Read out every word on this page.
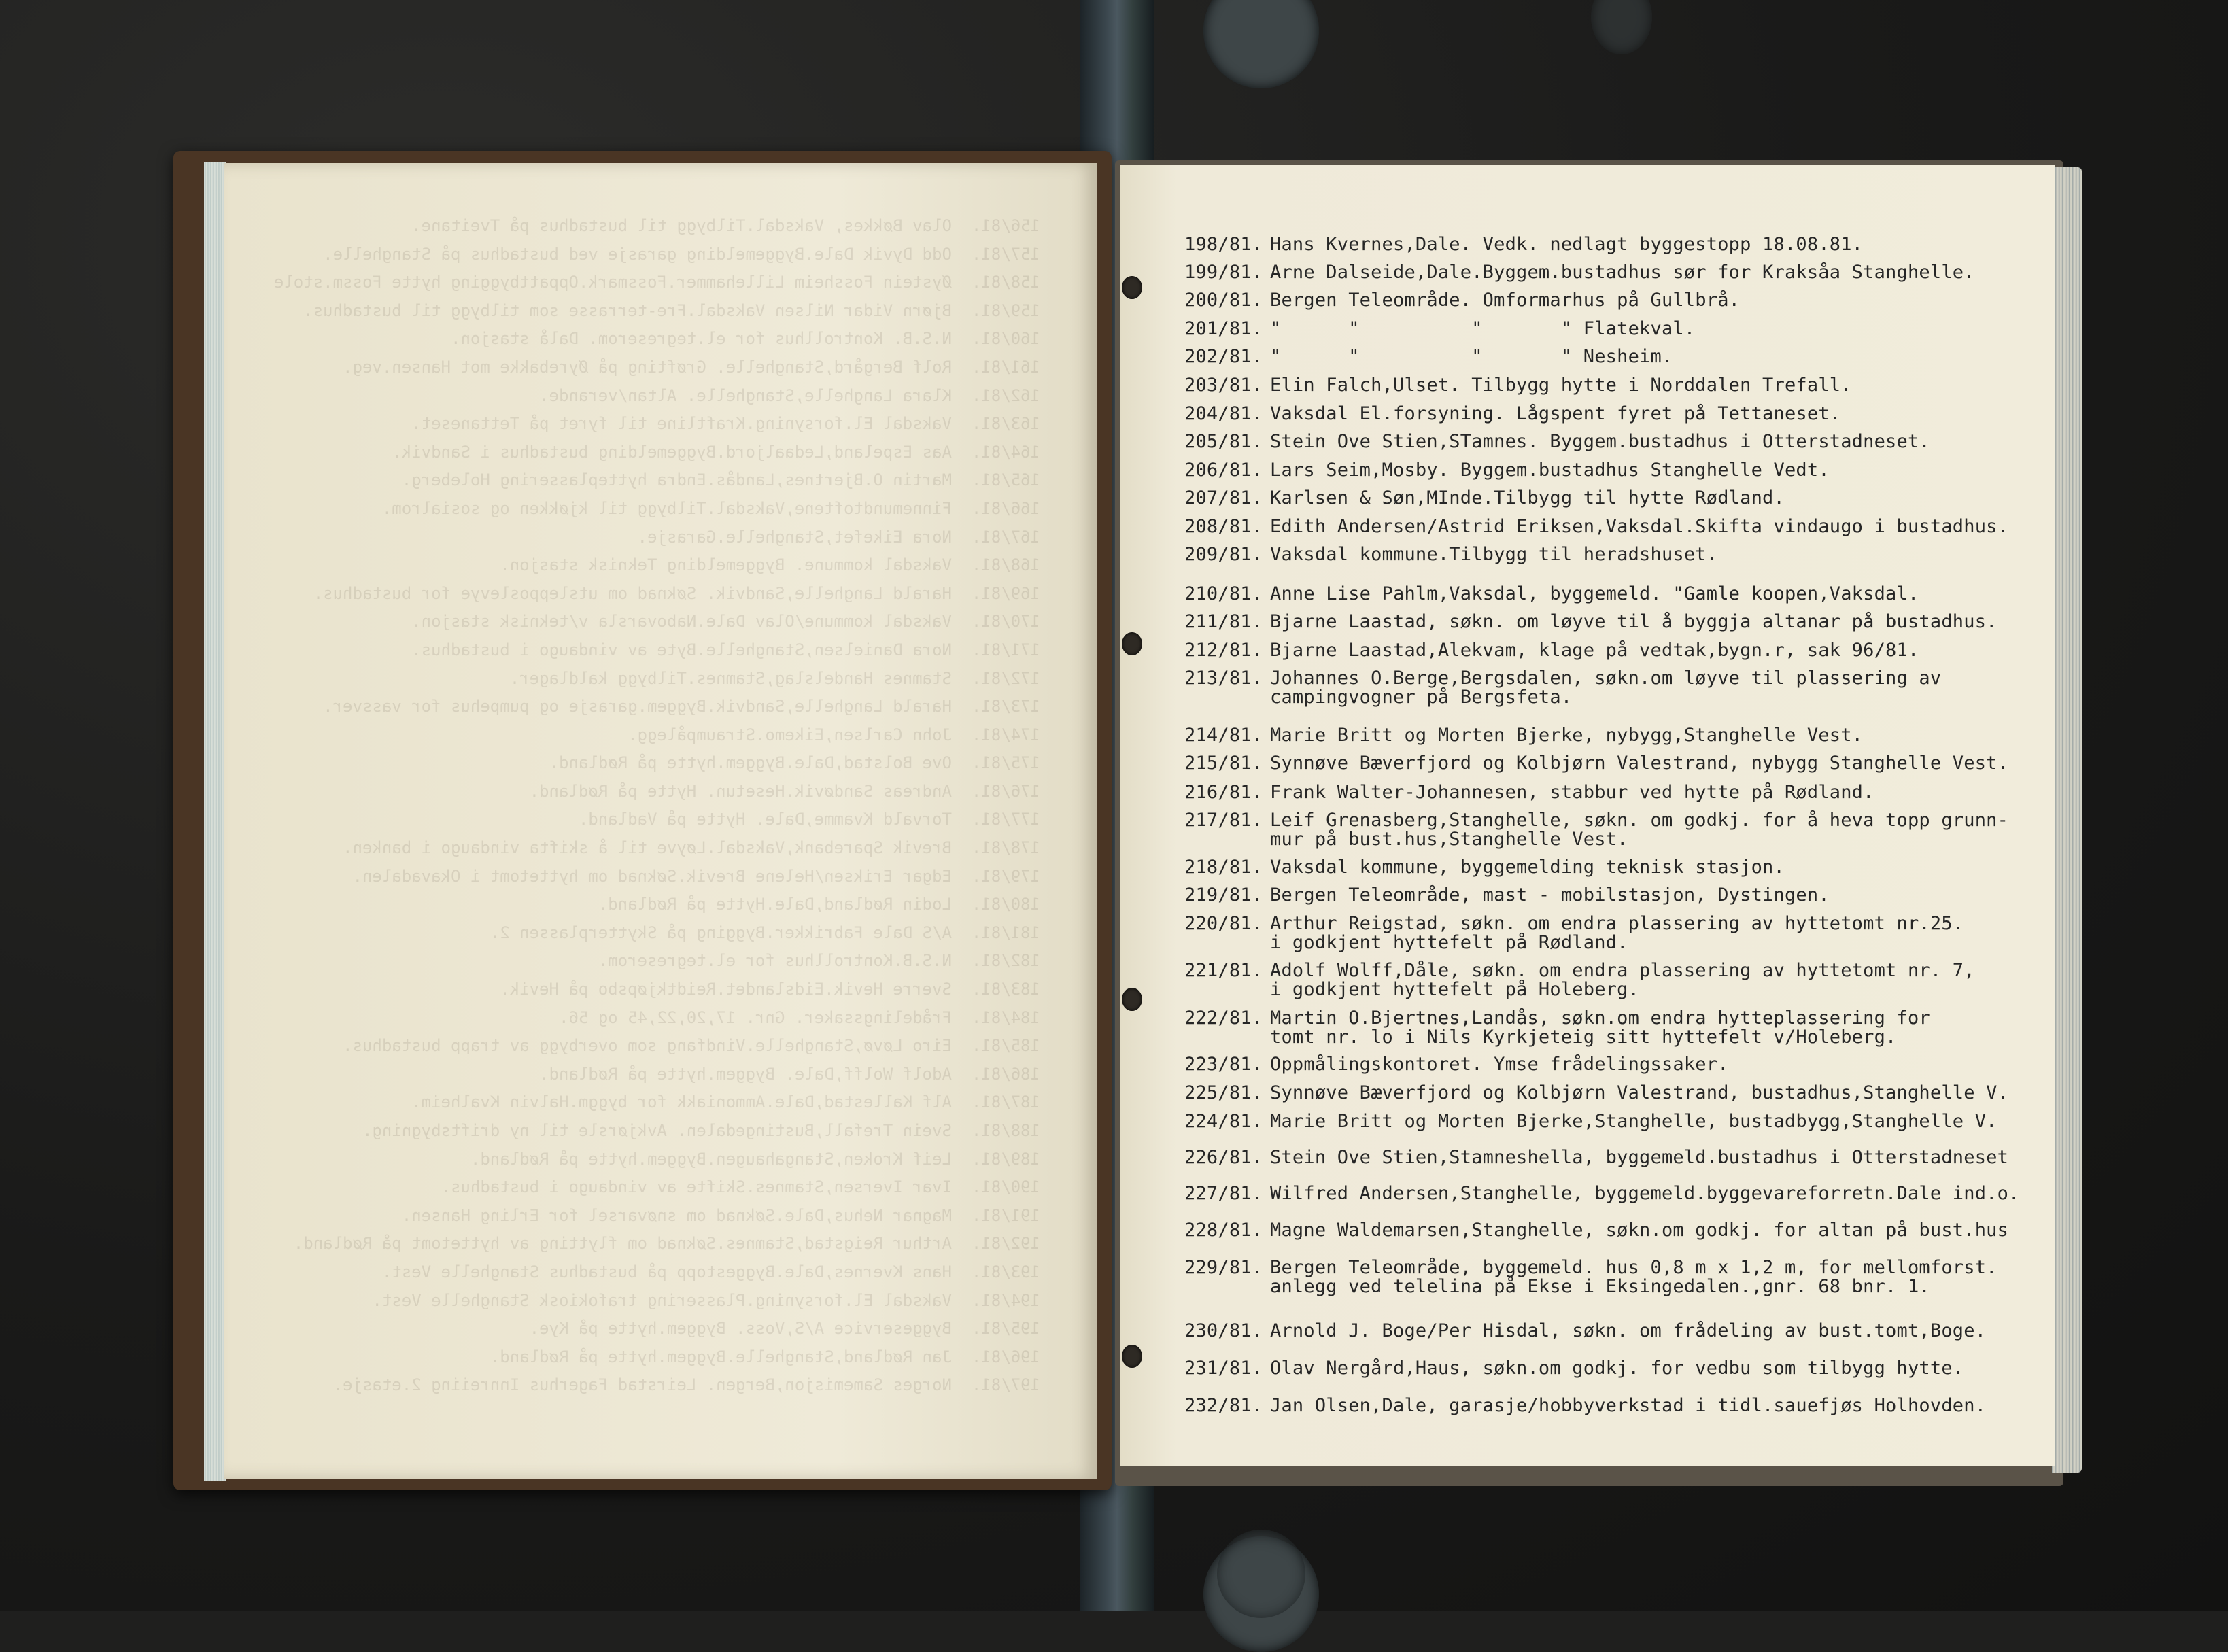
156/81.  Olav Bøkkes, Vaksdal.Tilbygg til bustadhus på Tveitane.
157/81.  Odd Dyvik Dale.Byggemelding garasje ved bustadhus på Stanghelle.
158/81.  Øystein Fossheim Lillehammer.Fossmark.Oppattbygging hytte Fossm.stole
159/81.  Bjørn Vidar Nilsen Vaksdal.Fre-terrasse som tilbygg til bustadhus.
160/81.  N.S.B. Kontrollhus for el.tegreserom. Dalå stasjon.
161/81.  Rolf Bergård,Stanghelle. Grøfting på Øyrebakke mot Hansen.veg.
162/81.  Klara Langhelle,Stanghelle. Altan/verande.
163/81.  Vaksdal El.forsyning.Kraftline til fyret på Tettaneset.
164/81.  Aas Espeland,Ledaaljord.Byggemelding bustadhus i Sandvik.
165/81.  Martin O.Bjertnes,Landås.Endra hytteplassering Holeberg.
166/81.  Finnemundtoftene,Vaksdal.Tilbygg til kjøkken og sosialrom.
167/81.  Nora Eikefet,Stanghelle.Garasje.
168/81.  Vaksdal kommune. Byggemelding Teknisk stasjon.
169/81.  Harald Langhelle,Sandvik. Søknad om utslepposlevye for bustadhus.
170/81.  Vaksdal kommune/Olav Dale.Nabovarsla v/teknisk stasjon.
171/81.  Nora Danielsen,Stanghelle.Byte av vindaugo i bustadhus.
172/81.  Stamnes Handelslag,Stamnes.Tilbygg kaldlager.
173/81.  Harald Langhelle,Sandvik.Byggem.garasje og pumpehus for vassver.
174/81.  John Carlsen,Eikemo.Straumpålegg.
175/81.  Ove Bolstad,Dale.Byggem.hytte på Rødland.
176/81.  Andreas Sandøvik.Hesetun. Hytte på Rødland.
177/81.  Torvald Kvamme,Dale. Hytte på Vadland.
178/81.  Brevik Sparebank,Vaksdal.Løyve til å skifta vindaugo i banken.
179/81.  Edgar Eriksen/Helene Brevik.Søknad om hyttetomt i Okavadalen.
180/81.  Lodin Rødland,Dale.Hytte på Rødland.
181/81.  A/S Dale Fabrikker.Bygging på Skytterplassen 2.
182/81.  N.S.B.Kontrollhus for el.tegreserom.
183/81.  Sverre Hevik.Eidslandet.Reidtkjøpsbo på Hevik.
184/81.  Frådelingssaker. Gnr. 17,20,22,45 og 56.
185/81.  Eiro Løvø,Stanghelle.Vindfang som overbygg av trapp bustadhus.
186/81.  Adolf Wolff,Dale. Byggem.hytte på Rødland.
187/81.  Alf Kallestad,Dale.Ammoniakk for byggm.Halvin Kvalheim.
188/81.  Svein Trefall,Bustingedalen. Avkjørsle til ny driftsbygning.
189/81.  Leif Kroken,Stangahaugen.Byggem.hytte på Rødland.
190/81.  Ivar Iversen,Stamnes.Skifte av vindaugo i bustadhus.
191/81.  Magnar Nehus,Dale.Søknad om snøvarsel for Erling Hansen.
192/81.  Arthur Reigstad,Stamnes.Søknad om flytting av hyttetomt på Rødland.
193/81.  Hans Kvernes,Dale.Byggestopp på bustadhus Stanghelle Vest.
194/81.  Vaksdal El.forsyning.Plassering trafokiosk Stanghelle Vest.
195/81.  Byggeservice A/S,Voss. Byggem.hytte på Kye.
196/81.  Jan Rødland,Stanghelle.Byggem.hytte på Rødland.
197/81.  Norges Samemisjon,Bergen. Leirstad Fagerhus Innreiing 2.etasje.
198/81. Hans Kvernes,Dale. Vedk. nedlagt byggestopp 18.08.81.
199/81. Arne Dalseide,Dale.Byggem.bustadhus sør for Kraksåa Stanghelle.
200/81. Bergen Teleområde. Omformarhus på Gullbrå.
201/81. "      "          "       " Flatekval.
202/81. "      "          "       " Nesheim.
203/81. Elin Falch,Ulset. Tilbygg hytte i Norddalen Trefall.
204/81. Vaksdal El.forsyning. Lågspent fyret på Tettaneset.
205/81. Stein Ove Stien,STamnes. Byggem.bustadhus i Otterstadneset.
206/81. Lars Seim,Mosby. Byggem.bustadhus Stanghelle Vedt.
207/81. Karlsen & Søn,MInde.Tilbygg til hytte Rødland.
208/81. Edith Andersen/Astrid Eriksen,Vaksdal.Skifta vindaugo i bustadhus.
209/81. Vaksdal kommune.Tilbygg til heradshuset.
210/81. Anne Lise Pahlm,Vaksdal, byggemeld. "Gamle koopen,Vaksdal.
211/81. Bjarne Laastad, søkn. om løyve til å byggja altanar på bustadhus.
212/81. Bjarne Laastad,Alekvam, klage på vedtak,bygn.r, sak 96/81.
213/81. Johannes O.Berge,Bergsdalen, søkn.om løyve til plassering av
campingvogner på Bergsfeta.
214/81. Marie Britt og Morten Bjerke, nybygg,Stanghelle Vest.
215/81. Synnøve Bæverfjord og Kolbjørn Valestrand, nybygg Stanghelle Vest.
216/81. Frank Walter-Johannesen, stabbur ved hytte på Rødland.
217/81. Leif Grenasberg,Stanghelle, søkn. om godkj. for å heva topp grunn-
mur på bust.hus,Stanghelle Vest.
218/81. Vaksdal kommune, byggemelding teknisk stasjon.
219/81. Bergen Teleområde, mast - mobilstasjon, Dystingen.
220/81. Arthur Reigstad, søkn. om endra plassering av hyttetomt nr.25.
i godkjent hyttefelt på Rødland.
221/81. Adolf Wolff,Dåle, søkn. om endra plassering av hyttetomt nr. 7,
i godkjent hyttefelt på Holeberg.
222/81. Martin O.Bjertnes,Landås, søkn.om endra hytteplassering for
tomt nr. lo i Nils Kyrkjeteig sitt hyttefelt v/Holeberg.
223/81. Oppmålingskontoret. Ymse frådelingssaker.
225/81. Synnøve Bæverfjord og Kolbjørn Valestrand, bustadhus,Stanghelle V.
224/81. Marie Britt og Morten Bjerke,Stanghelle, bustadbygg,Stanghelle V.
226/81. Stein Ove Stien,Stamneshella, byggemeld.bustadhus i Otterstadneset
227/81. Wilfred Andersen,Stanghelle, byggemeld.byggevareforretn.Dale ind.o.
228/81. Magne Waldemarsen,Stanghelle, søkn.om godkj. for altan på bust.hus
229/81. Bergen Teleområde, byggemeld. hus 0,8 m x 1,2 m, for mellomforst.
anlegg ved telelina på Ekse i Eksingedalen.,gnr. 68 bnr. 1.
230/81. Arnold J. Boge/Per Hisdal, søkn. om frådeling av bust.tomt,Boge.
231/81. Olav Nergård,Haus, søkn.om godkj. for vedbu som tilbygg hytte.
232/81. Jan Olsen,Dale, garasje/hobbyverkstad i tidl.sauefjøs Holhovden.
